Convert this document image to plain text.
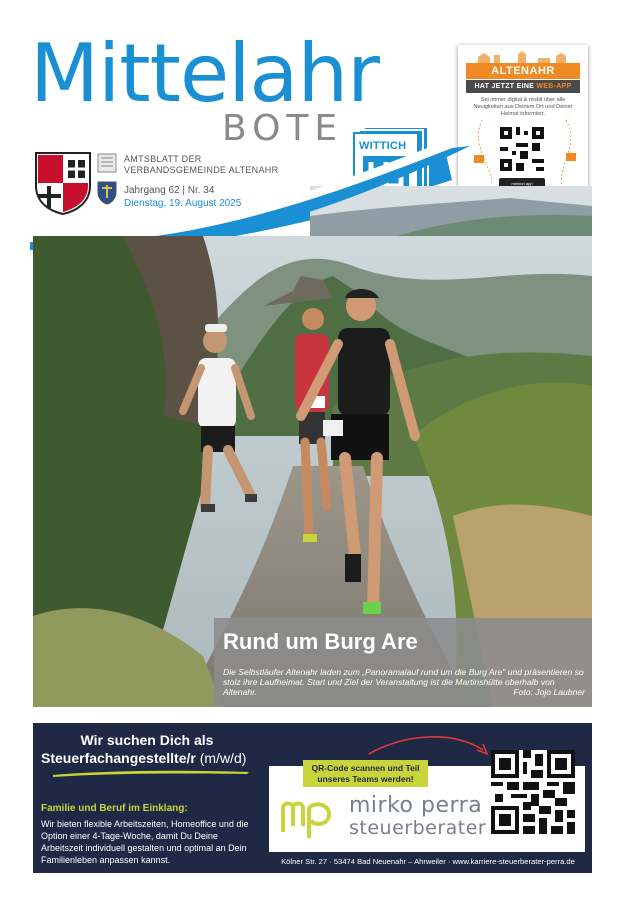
Mittelahr
BOTE
AMTSBLATT DER
VERBANDSGEMEINDE ALTENAHR
Jahrgang 62 | Nr. 34
Dienstag, 19. August 2025
WITTICH
ALTENAHR
HAT JETZT EINE WEB-APP
Sei immer digital & mobil über alle Neuigkeiten aus Deinem Ort und Deiner Heimat informiert.
meinort.app
Rund um Burg Are
Die Selbstläufer Altenahr laden zum „Panoramalauf rund um die Burg Are" und präsentieren so stolz ihre Laufheimat. Start und Ziel der Veranstaltung ist die Martinshütte oberhalb von Altenahr.	Foto: Jojo Laubner
Wir suchen Dich als
Steuerfachangestellte/r (m/w/d)
Familie und Beruf im Einklang:
Wir bieten flexible Arbeitszeiten, Homeoffice und die Option einer 4-Tage-Woche, damit Du Deine Arbeitszeit individuell gestalten und optimal an Dein Familienleben anpassen kannst.
QR-Code scannen und Teil
unseres Teams werden!
mirko perra
steuerberater
Kölner Str. 27 · 53474 Bad Neuenahr – Ahrweiler · www.karriere-steuerberater-perra.de
